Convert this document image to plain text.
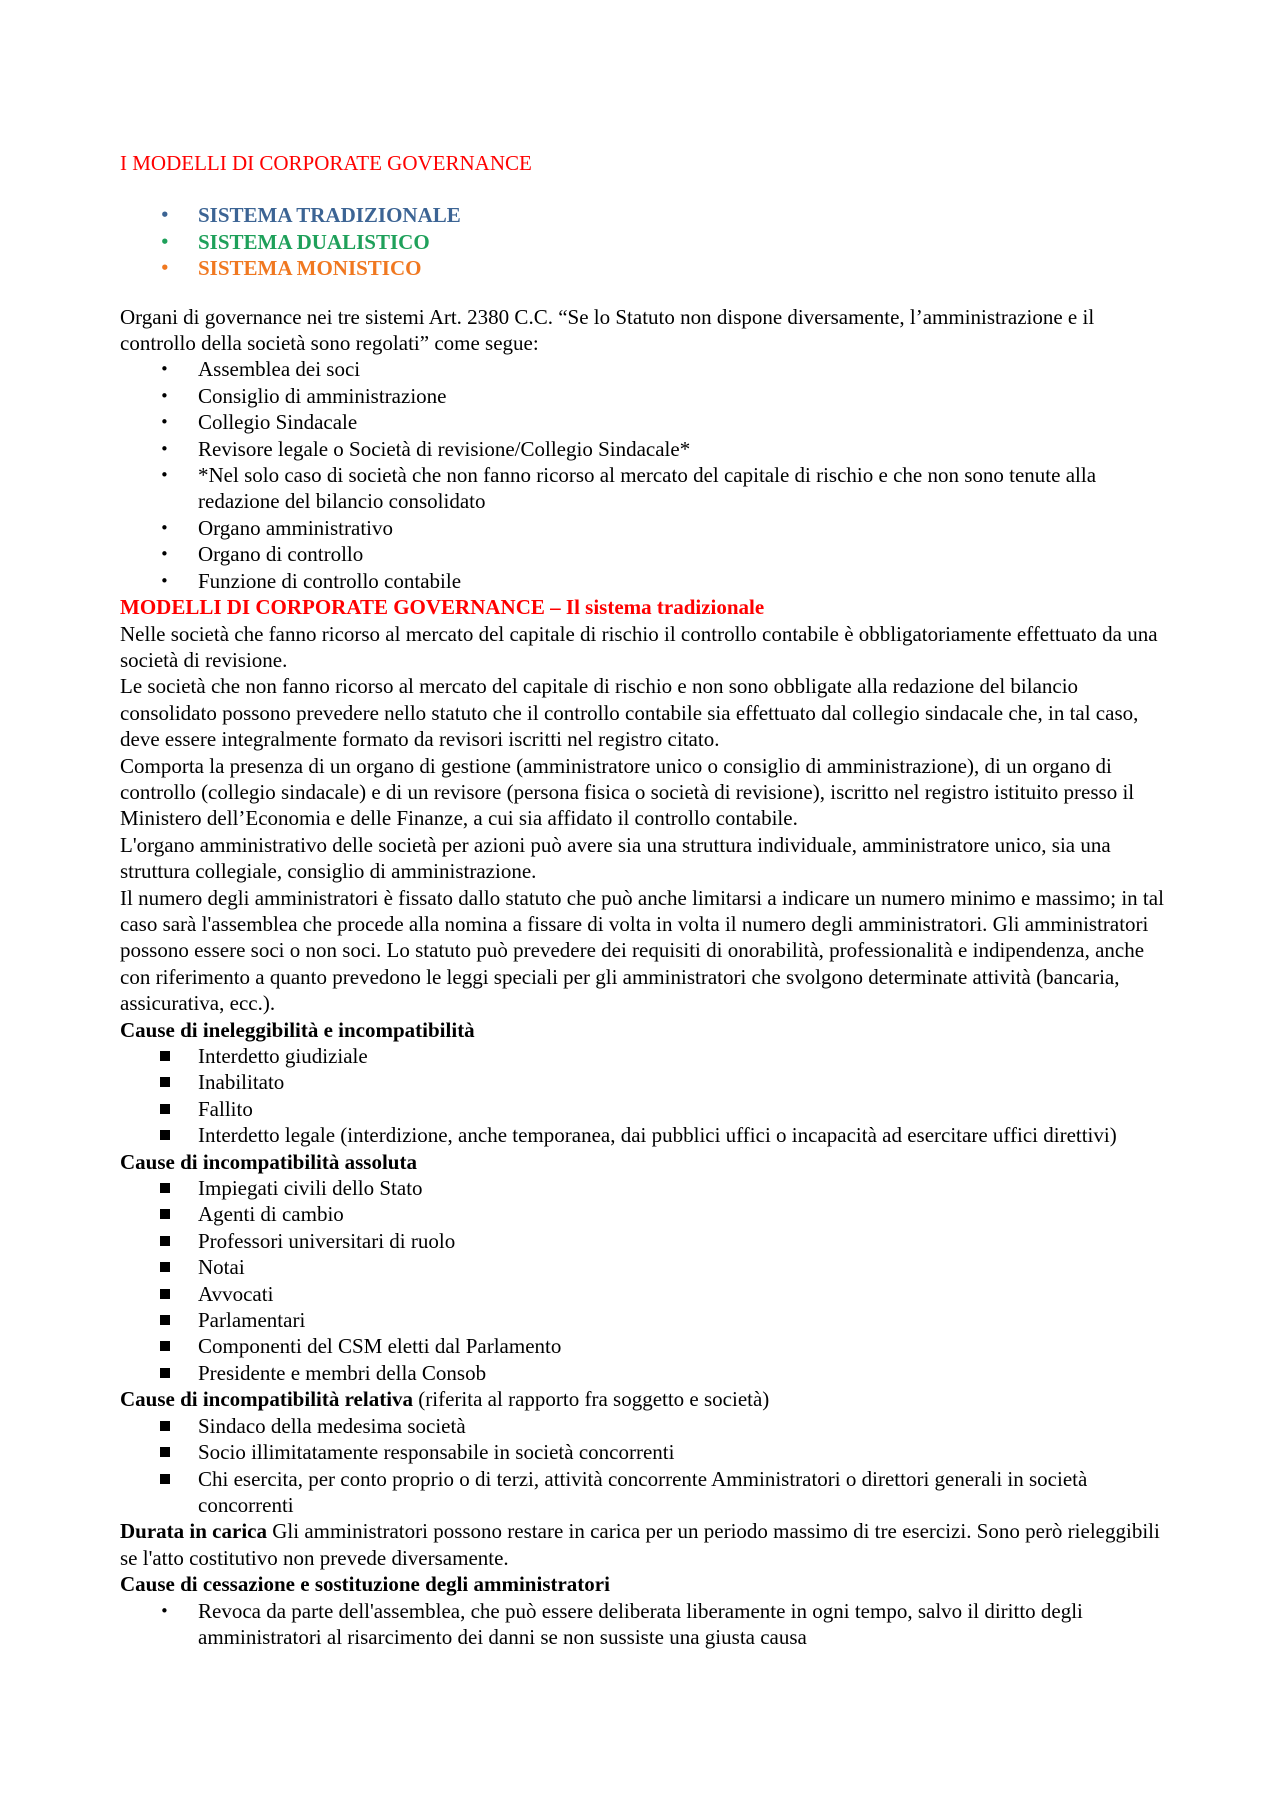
I MODELLI DI CORPORATE GOVERNANCE

• SISTEMA TRADIZIONALE
• SISTEMA DUALISTICO
• SISTEMA MONISTICO

Organi di governance nei tre sistemi Art. 2380 C.C. “Se lo Statuto non dispone diversamente, l’amministrazione e il controllo della società sono regolati” come segue:

• Assemblea dei soci
• Consiglio di amministrazione
• Collegio Sindacale
• Revisore legale o Società di revisione/Collegio Sindacale*
• *Nel solo caso di società che non fanno ricorso al mercato del capitale di rischio e che non sono tenute alla redazione del bilancio consolidato
• Organo amministrativo
• Organo di controllo
• Funzione di controllo contabile

MODELLI DI CORPORATE GOVERNANCE – Il sistema tradizionale

Nelle società che fanno ricorso al mercato del capitale di rischio il controllo contabile è obbligatoriamente effettuato da una società di revisione.

Le società che non fanno ricorso al mercato del capitale di rischio e non sono obbligate alla redazione del bilancio consolidato possono prevedere nello statuto che il controllo contabile sia effettuato dal collegio sindacale che, in tal caso, deve essere integralmente formato da revisori iscritti nel registro citato.

Comporta la presenza di un organo di gestione (amministratore unico o consiglio di amministrazione), di un organo di controllo (collegio sindacale) e di un revisore (persona fisica o società di revisione), iscritto nel registro istituito presso il Ministero dell’Economia e delle Finanze, a cui sia affidato il controllo contabile.

L'organo amministrativo delle società per azioni può avere sia una struttura individuale, amministratore unico, sia una struttura collegiale, consiglio di amministrazione.

Il numero degli amministratori è fissato dallo statuto che può anche limitarsi a indicare un numero minimo e massimo; in tal caso sarà l'assemblea che procede alla nomina a fissare di volta in volta il numero degli amministratori. Gli amministratori possono essere soci o non soci. Lo statuto può prevedere dei requisiti di onorabilità, professionalità e indipendenza, anche con riferimento a quanto prevedono le leggi speciali per gli amministratori che svolgono determinate attività (bancaria, assicurativa, ecc.).

Cause di ineleggibilità e incompatibilità

Interdetto giudiziale
Inabilitato
Fallito
Interdetto legale (interdizione, anche temporanea, dai pubblici uffici o incapacità ad esercitare uffici direttivi)

Cause di incompatibilità assoluta

Impiegati civili dello Stato
Agenti di cambio
Professori universitari di ruolo
Notai
Avvocati
Parlamentari
Componenti del CSM eletti dal Parlamento
Presidente e membri della Consob

Cause di incompatibilità relativa (riferita al rapporto fra soggetto e società)

Sindaco della medesima società
Socio illimitatamente responsabile in società concorrenti
Chi esercita, per conto proprio o di terzi, attività concorrente Amministratori o direttori generali in società concorrenti

Durata in carica Gli amministratori possono restare in carica per un periodo massimo di tre esercizi. Sono però rieleggibili se l'atto costitutivo non prevede diversamente.

Cause di cessazione e sostituzione degli amministratori

• Revoca da parte dell'assemblea, che può essere deliberata liberamente in ogni tempo, salvo il diritto degli amministratori al risarcimento dei danni se non sussiste una giusta causa
